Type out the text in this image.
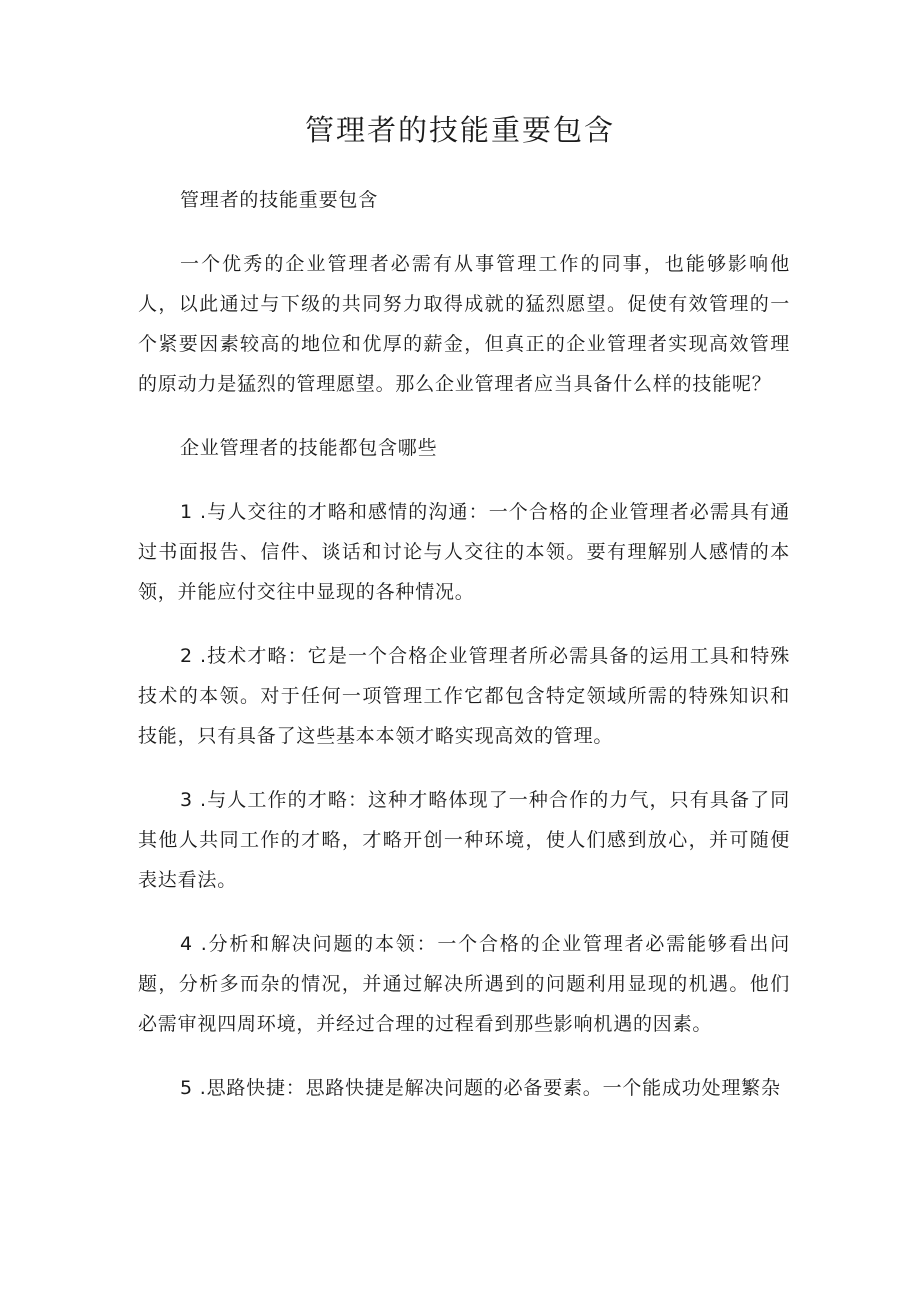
管理者的技能重要包含

管理者的技能重要包含

一个优秀的企业管理者必需有从事管理工作的同事，也能够影响他人，以此通过与下级的共同努力取得成就的猛烈愿望。促使有效管理的一个紧要因素较高的地位和优厚的薪金，但真正的企业管理者实现高效管理的原动力是猛烈的管理愿望。那么企业管理者应当具备什么样的技能呢？

企业管理者的技能都包含哪些

1 .与人交往的才略和感情的沟通：一个合格的企业管理者必需具有通过书面报告、信件、谈话和讨论与人交往的本领。要有理解别人感情的本领，并能应付交往中显现的各种情况。

2 .技术才略：它是一个合格企业管理者所必需具备的运用工具和特殊技术的本领。对于任何一项管理工作它都包含特定领域所需的特殊知识和技能，只有具备了这些基本本领才略实现高效的管理。

3 .与人工作的才略：这种才略体现了一种合作的力气，只有具备了同其他人共同工作的才略，才略开创一种环境，使人们感到放心，并可随便表达看法。

4 .分析和解决问题的本领：一个合格的企业管理者必需能够看出问题，分析多而杂的情况，并通过解决所遇到的问题利用显现的机遇。他们必需审视四周环境，并经过合理的过程看到那些影响机遇的因素。

5 .思路快捷：思路快捷是解决问题的必备要素。一个能成功处理繁杂
